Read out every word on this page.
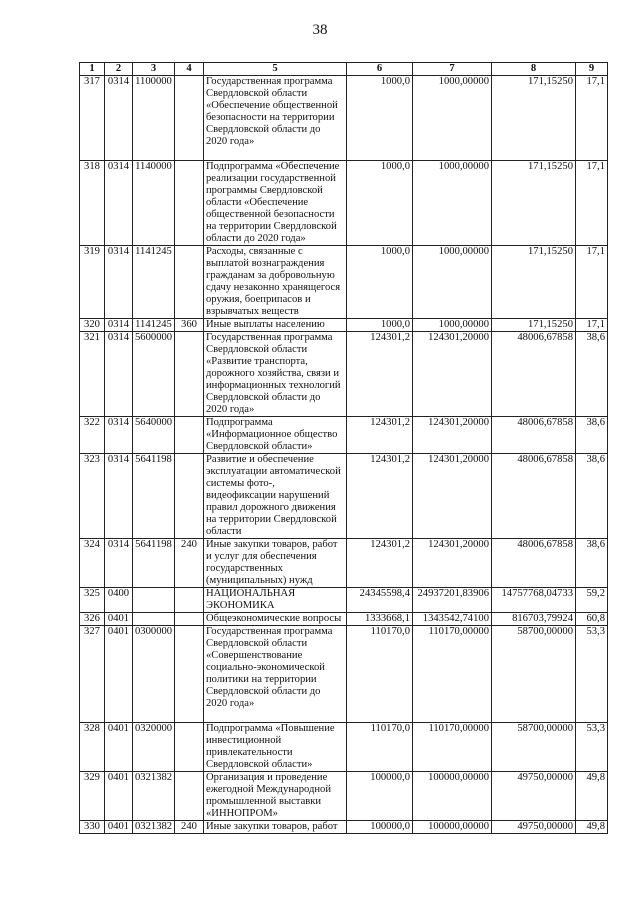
38
1	2	3	4	5	6	7	8	9
317	0314	1100000		Государственная программа Свердловской области «Обеспечение общественной безопасности на территории Свердловской области до 2020 года»	1000,0	1000,00000	171,15250	17,1
318	0314	1140000		Подпрограмма «Обеспечение реализации государственной программы Свердловской области «Обеспечение общественной безопасности на территории Свердловской области до 2020 года»	1000,0	1000,00000	171,15250	17,1
319	0314	1141245		Расходы, связанные с выплатой вознаграждения гражданам за добровольную сдачу незаконно хранящегося оружия, боеприпасов и взрывчатых веществ	1000,0	1000,00000	171,15250	17,1
320	0314	1141245	360	Иные выплаты населению	1000,0	1000,00000	171,15250	17,1
321	0314	5600000		Государственная программа Свердловской области «Развитие транспорта, дорожного хозяйства, связи и информационных технологий Свердловской области до 2020 года»	124301,2	124301,20000	48006,67858	38,6
322	0314	5640000		Подпрограмма «Информационное общество Свердловской области»	124301,2	124301,20000	48006,67858	38,6
323	0314	5641198		Развитие и обеспечение эксплуатации автоматической системы фото-, видеофиксации нарушений правил дорожного движения на территории Свердловской области	124301,2	124301,20000	48006,67858	38,6
324	0314	5641198	240	Иные закупки товаров, работ и услуг для обеспечения государственных (муниципальных) нужд	124301,2	124301,20000	48006,67858	38,6
325	0400			НАЦИОНАЛЬНАЯ ЭКОНОМИКА	24345598,4	24937201,83906	14757768,04733	59,2
326	0401			Общеэкономические вопросы	1333668,1	1343542,74100	816703,79924	60,8
327	0401	0300000		Государственная программа Свердловской области «Совершенствование социально-экономической политики на территории Свердловской области до 2020 года»	110170,0	110170,00000	58700,00000	53,3
328	0401	0320000		Подпрограмма «Повышение инвестиционной привлекательности Свердловской области»	110170,0	110170,00000	58700,00000	53,3
329	0401	0321382		Организация и проведение ежегодной Международной промышленной выставки «ИННОПРОМ»	100000,0	100000,00000	49750,00000	49,8
330	0401	0321382	240	Иные закупки товаров, работ	100000,0	100000,00000	49750,00000	49,8
